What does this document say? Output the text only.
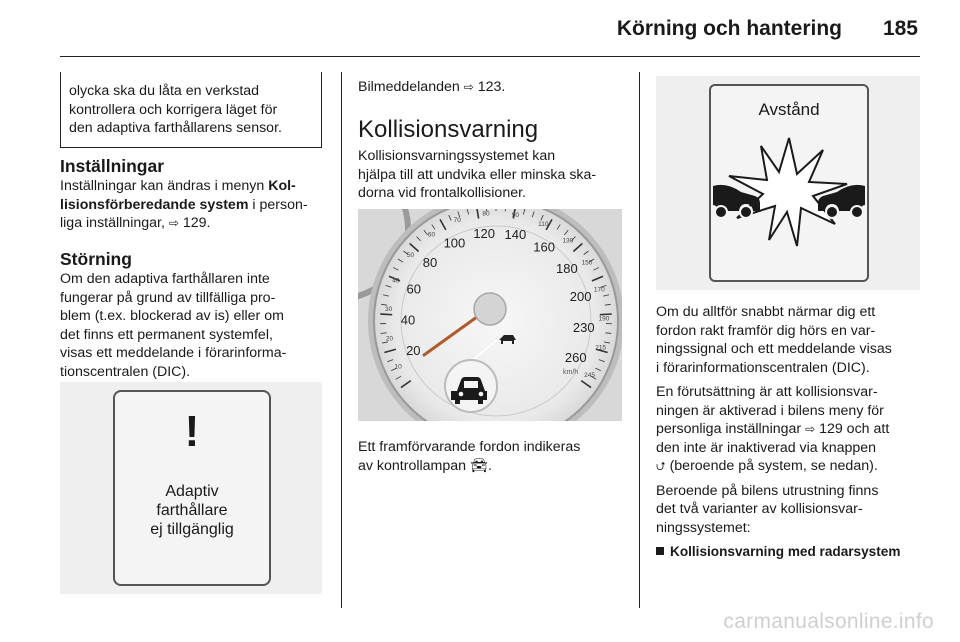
Körning och hantering 185

olycka ska du låta en verkstad

kontrollera och korrigera läget för

den adaptiva farthållarens sensor.

Inställningar

Inställningar kan ändras i menyn Kol-

lisionsförberedande system i person-

liga inställningar, ⇨ 129.

Störning

Om den adaptiva farthållaren inte

fungerar på grund av tillfälliga pro-

blem (t.ex. blockerad av is) eller om

det finns ett permanent systemfel,

visas ett meddelande i förarinforma-

tionscentralen (DIC).

!
Adaptiv
farthållare
ej tillgänglig

Bilmeddelanden ⇨ 123.

Kollisionsvarning

Kollisionsvarningssystemet kan

hjälpa till att undvika eller minska ska-

dorna vid frontalkollisioner.

20
40
60
80
100
120 140
160
180
200
230
260
10
20
30
40
50
60
70
80	90
110
130
150
170
190
215
245
km/h

Ett framförvarande fordon indikeras

av kontrollampan 🚘︎.

Avstånd

Om du alltför snabbt närmar dig ett

fordon rakt framför dig hörs en var-

ningssignal och ett meddelande visas

i förarinformationscentralen (DIC).

En förutsättning är att kollisionsvar-

ningen är aktiverad i bilens meny för

personliga inställningar ⇨ 129 och att

den inte är inaktiverad via knappen

⮍ (beroende på system, se nedan).

Beroende på bilens utrustning finns

det två varianter av kollisionsvar-

ningssystemet:

Kollisionsvarning med radarsystem

carmanualsonline.info
